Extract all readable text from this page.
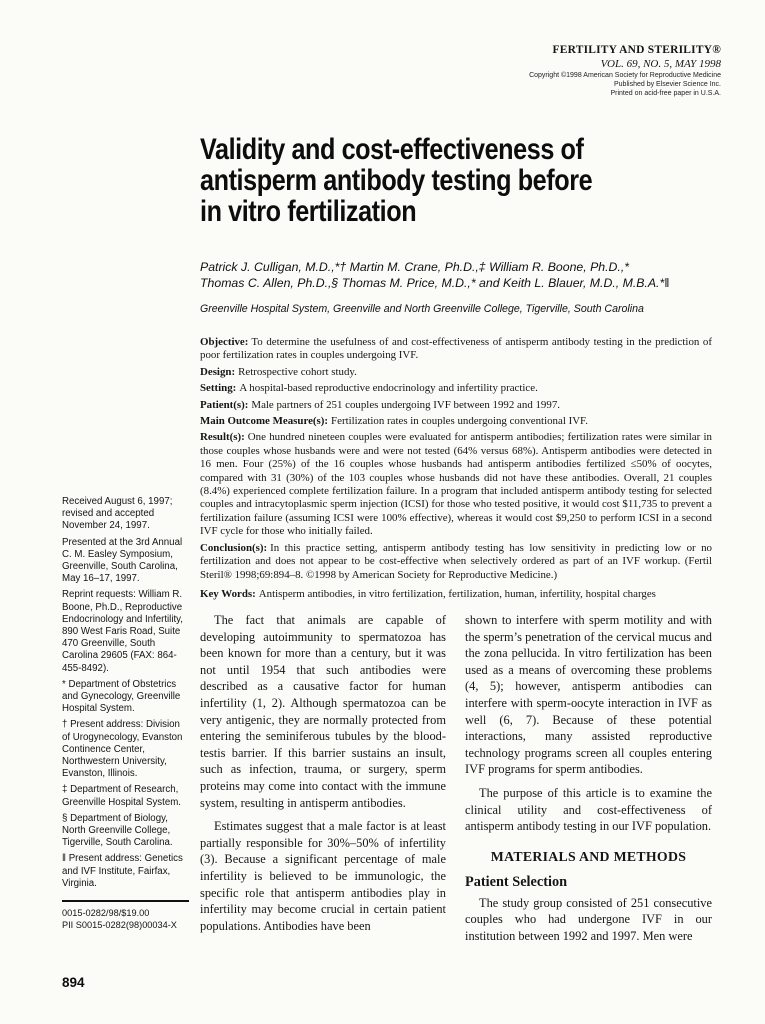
FERTILITY AND STERILITY®
VOL. 69, NO. 5, MAY 1998
Copyright ©1998 American Society for Reproductive Medicine
Published by Elsevier Science Inc.
Printed on acid-free paper in U.S.A.
Validity and cost-effectiveness of
antisperm antibody testing before
in vitro fertilization
Patrick J. Culligan, M.D.,*† Martin M. Crane, Ph.D.,‡ William R. Boone, Ph.D.,*
Thomas C. Allen, Ph.D.,§ Thomas M. Price, M.D.,* and Keith L. Blauer, M.D., M.B.A.*‖
Greenville Hospital System, Greenville and North Greenville College, Tigerville, South Carolina

Objective: To determine the usefulness of and cost-effectiveness of antisperm antibody testing in the prediction of poor fertilization rates in couples undergoing IVF.

Design: Retrospective cohort study.

Setting: A hospital-based reproductive endocrinology and infertility practice.

Patient(s): Male partners of 251 couples undergoing IVF between 1992 and 1997.

Main Outcome Measure(s): Fertilization rates in couples undergoing conventional IVF.

Result(s): One hundred nineteen couples were evaluated for antisperm antibodies; fertilization rates were similar in those couples whose husbands were and were not tested (64% versus 68%). Antisperm antibodies were detected in 16 men. Four (25%) of the 16 couples whose husbands had antisperm antibodies fertilized ≤50% of oocytes, compared with 31 (30%) of the 103 couples whose husbands did not have these antibodies. Overall, 21 couples (8.4%) experienced complete fertilization failure. In a program that included antisperm antibody testing for selected couples and intracytoplasmic sperm injection (ICSI) for those who tested positive, it would cost $11,735 to prevent a fertilization failure (assuming ICSI were 100% effective), whereas it would cost $9,250 to perform ICSI in a second IVF cycle for those who initially failed.

Conclusion(s): In this practice setting, antisperm antibody testing has low sensitivity in predicting low or no fertilization and does not appear to be cost-effective when selectively ordered as part of an IVF workup. (Fertil Steril® 1998;69:894–8. ©1998 by American Society for Reproductive Medicine.)

Key Words: Antisperm antibodies, in vitro fertilization, fertilization, human, infertility, hospital charges

Received August 6, 1997; revised and accepted November 24, 1997.

Presented at the 3rd Annual C. M. Easley Symposium, Greenville, South Carolina, May 16–17, 1997.

Reprint requests: William R. Boone, Ph.D., Reproductive Endocrinology and Infertility, 890 West Faris Road, Suite 470 Greenville, South Carolina 29605 (FAX: 864-455-8492).

* Department of Obstetrics and Gynecology, Greenville Hospital System.

† Present address: Division of Urogynecology, Evanston Continence Center, Northwestern University, Evanston, Illinois.

‡ Department of Research, Greenville Hospital System.

§ Department of Biology, North Greenville College, Tigerville, South Carolina.

‖ Present address: Genetics and IVF Institute, Fairfax, Virginia.

0015-0282/98/$19.00

PII S0015-0282(98)00034-X

The fact that animals are capable of developing autoimmunity to spermatozoa has been known for more than a century, but it was not until 1954 that such antibodies were described as a causative factor for human infertility (1, 2). Although spermatozoa can be very antigenic, they are normally protected from entering the seminiferous tubules by the blood-testis barrier. If this barrier sustains an insult, such as infection, trauma, or surgery, sperm proteins may come into contact with the immune system, resulting in antisperm antibodies.

Estimates suggest that a male factor is at least partially responsible for 30%–50% of infertility (3). Because a significant percentage of male infertility is believed to be immunologic, the specific role that antisperm antibodies play in infertility may become crucial in certain patient populations. Antibodies have been

shown to interfere with sperm motility and with the sperm’s penetration of the cervical mucus and the zona pellucida. In vitro fertilization has been used as a means of overcoming these problems (4, 5); however, antisperm antibodies can interfere with sperm-oocyte interaction in IVF as well (6, 7). Because of these potential interactions, many assisted reproductive technology programs screen all couples entering IVF programs for sperm antibodies.

The purpose of this article is to examine the clinical utility and cost-effectiveness of antisperm antibody testing in our IVF population.

MATERIALS AND METHODS
Patient Selection

The study group consisted of 251 consecutive couples who had undergone IVF in our institution between 1992 and 1997. Men were

894
